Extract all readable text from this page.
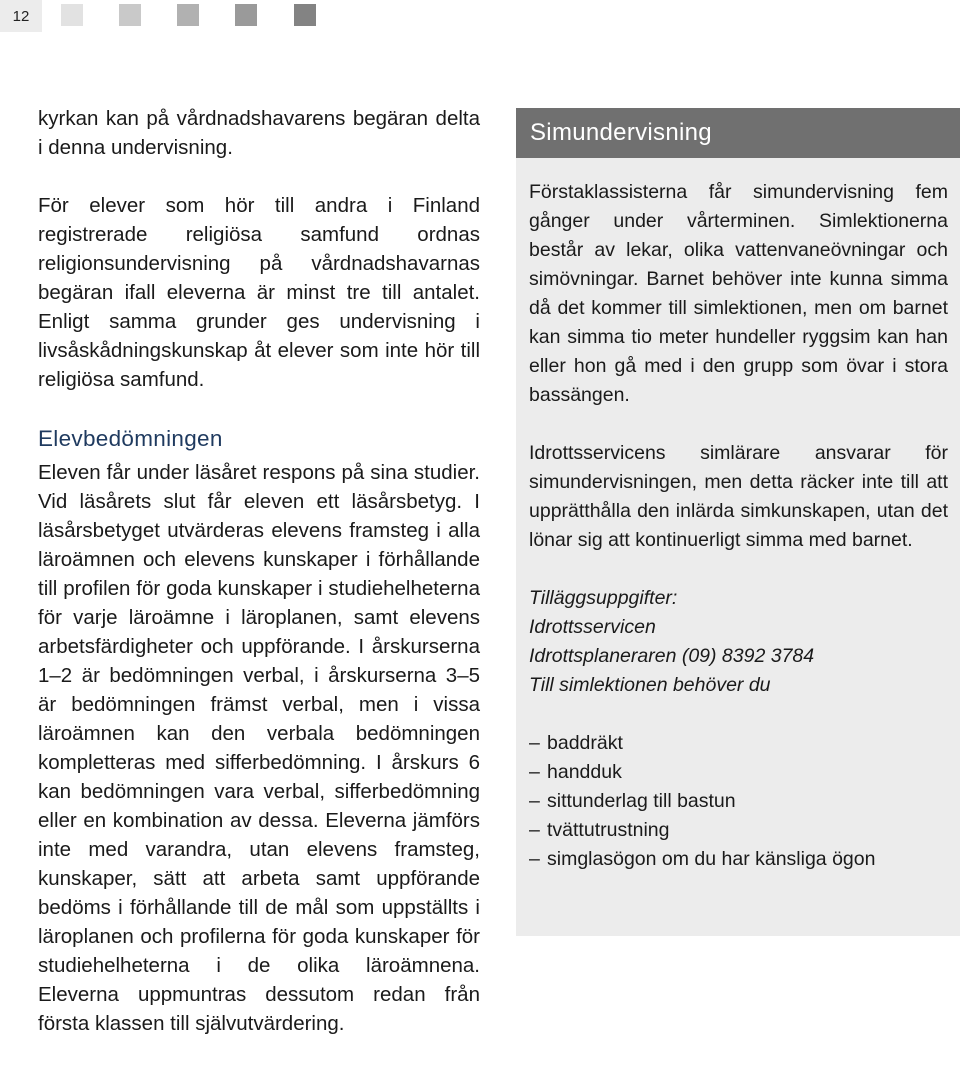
12

kyrkan kan på vårdnadshavarens begäran delta i denna undervisning.

För elever som hör till andra i Finland registrerade religiösa samfund ordnas religionsundervisning på vårdnadshavarnas begäran ifall eleverna är minst tre till antalet. Enligt samma grunder ges undervisning i livsåskådningskunskap åt elever som inte hör till religiösa samfund.

Elevbedömningen

Eleven får under läsåret respons på sina studier. Vid läsårets slut får eleven ett läsårsbetyg. I läsårsbetyget utvärderas elevens framsteg i alla läroämnen och elevens kunskaper i förhållande till profilen för goda kunskaper i studiehelheterna för varje läroämne i läroplanen, samt elevens arbetsfärdigheter och uppförande. I årskurserna 1–2 är bedömningen verbal, i årskurserna 3–5 är bedömningen främst verbal, men i vissa läroämnen kan den verbala bedömningen kompletteras med sifferbedömning. I årskurs 6 kan bedömningen vara verbal, sifferbedömning eller en kombination av dessa. Eleverna jämförs inte med varandra, utan elevens framsteg, kunskaper, sätt att arbeta samt uppförande bedöms i förhållande till de mål som uppställts i läroplanen och profilerna för goda kunskaper för studiehelheterna i de olika läroämnena. Eleverna uppmuntras dessutom redan från första klassen till självutvärdering.

Simundervisning

Förstaklassisterna får simundervisning fem gånger under vårterminen. Simlektionerna består av lekar, olika vattenvaneövningar och simövningar. Barnet behöver inte kunna simma då det kommer till simlektionen, men om barnet kan simma tio meter hundeller ryggsim kan han eller hon gå med i den grupp som övar i stora bassängen.

Idrottsservicens simlärare ansvarar för simundervisningen, men detta räcker inte till att upprätthålla den inlärda simkunskapen, utan det lönar sig att kontinuerligt simma med barnet.

Tilläggsuppgifter:
Idrottsservicen
Idrottsplaneraren (09) 8392 3784
Till simlektionen behöver du
– baddräkt
– handduk
– sittunderlag till bastun
– tvättutrustning
– simglasögon om du har känsliga ögon
